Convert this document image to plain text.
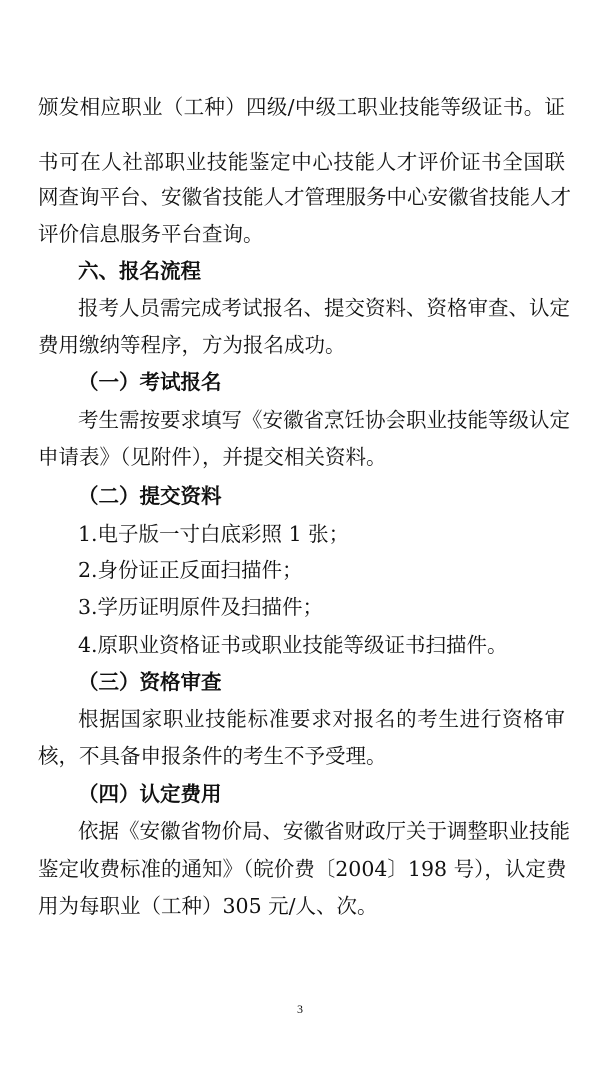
颁发相应职业（工种）四级/中级工职业技能等级证书。证
书可在人社部职业技能鉴定中心技能人才评价证书全国联
网查询平台、安徽省技能人才管理服务中心安徽省技能人才
评价信息服务平台查询。
六、报名流程
报考人员需完成考试报名、提交资料、资格审查、认定
费用缴纳等程序，方为报名成功。
（一）考试报名
考生需按要求填写《安徽省烹饪协会职业技能等级认定
申请表》（见附件），并提交相关资料。
（二）提交资料
1.电子版一寸白底彩照 1 张；
2.身份证正反面扫描件；
3.学历证明原件及扫描件；
4.原职业资格证书或职业技能等级证书扫描件。
（三）资格审查
根据国家职业技能标准要求对报名的考生进行资格审
核，不具备申报条件的考生不予受理。
（四）认定费用
依据《安徽省物价局、安徽省财政厅关于调整职业技能
鉴定收费标准的通知》（皖价费〔2004〕198 号），认定费
用为每职业（工种）305 元/人、次。
3
